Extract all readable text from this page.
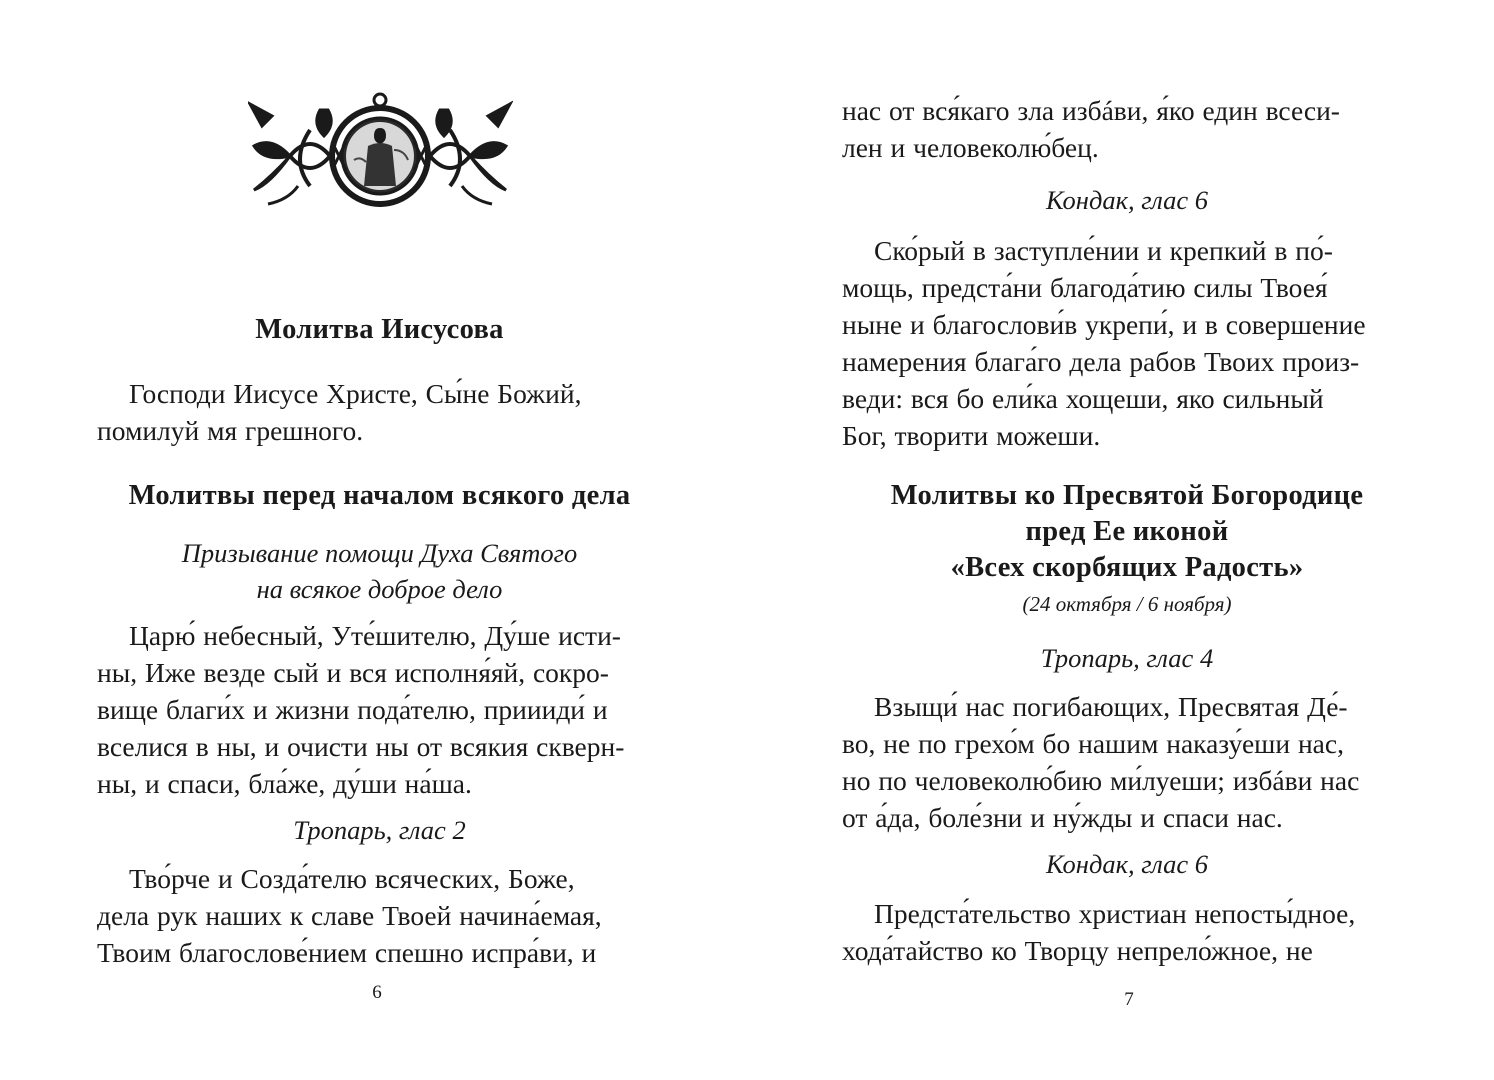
Молитва Иисусова

Господи Иисусе Христе, Сы́не Божий,

помилуй мя грешного.

Молитвы перед началом всякого дела

Призывание помощи Духа Святого

на всякое доброе дело

Царю́ небесный, Уте́шителю, Ду́ше исти-

ны, Иже везде сый и вся исполня́яй, сокро-

вище благи́х и жизни пода́телю, приииди́ и

вселися в ны, и очисти ны от всякия скверн-

ны, и спаси, бла́же, ду́ши на́ша.

Тропарь, глас 2

Тво́рче и Созда́телю всяческих, Боже,

дела рук наших к славе Твоей начина́емая,

Твоим благослове́нием спешно испра́ви, и

6

нас от вся́каго зла избáви, я́ко един всеси-

лен и человеколю́бец.

Кондак, глас 6

Ско́рый в заступле́нии и крепкий в по́-

мощь, предста́ни благода́тию силы Твоея́

ныне и благослови́в укрепи́, и в совершение

намерения блага́го дела рабов Твоих произ-

веди: вся бо ели́ка хощеши, яко сильный

Бог, творити можеши.

Молитвы ко Пресвятой Богородице

пред Ее иконой

«Всех скорбящих Радость»

(24 октября / 6 ноября)

Тропарь, глас 4

Взыщи́ нас погибающих, Пресвятая Де́-

во, не по грехо́м бо нашим наказу́еши нас,

но по человеколю́бию ми́луеши; избáви нас

от а́да, боле́зни и ну́жды и спаси нас.

Кондак, глас 6

Предста́тельство христиан непосты́дное,

хода́тайство ко Творцу непрело́жное, не

7
